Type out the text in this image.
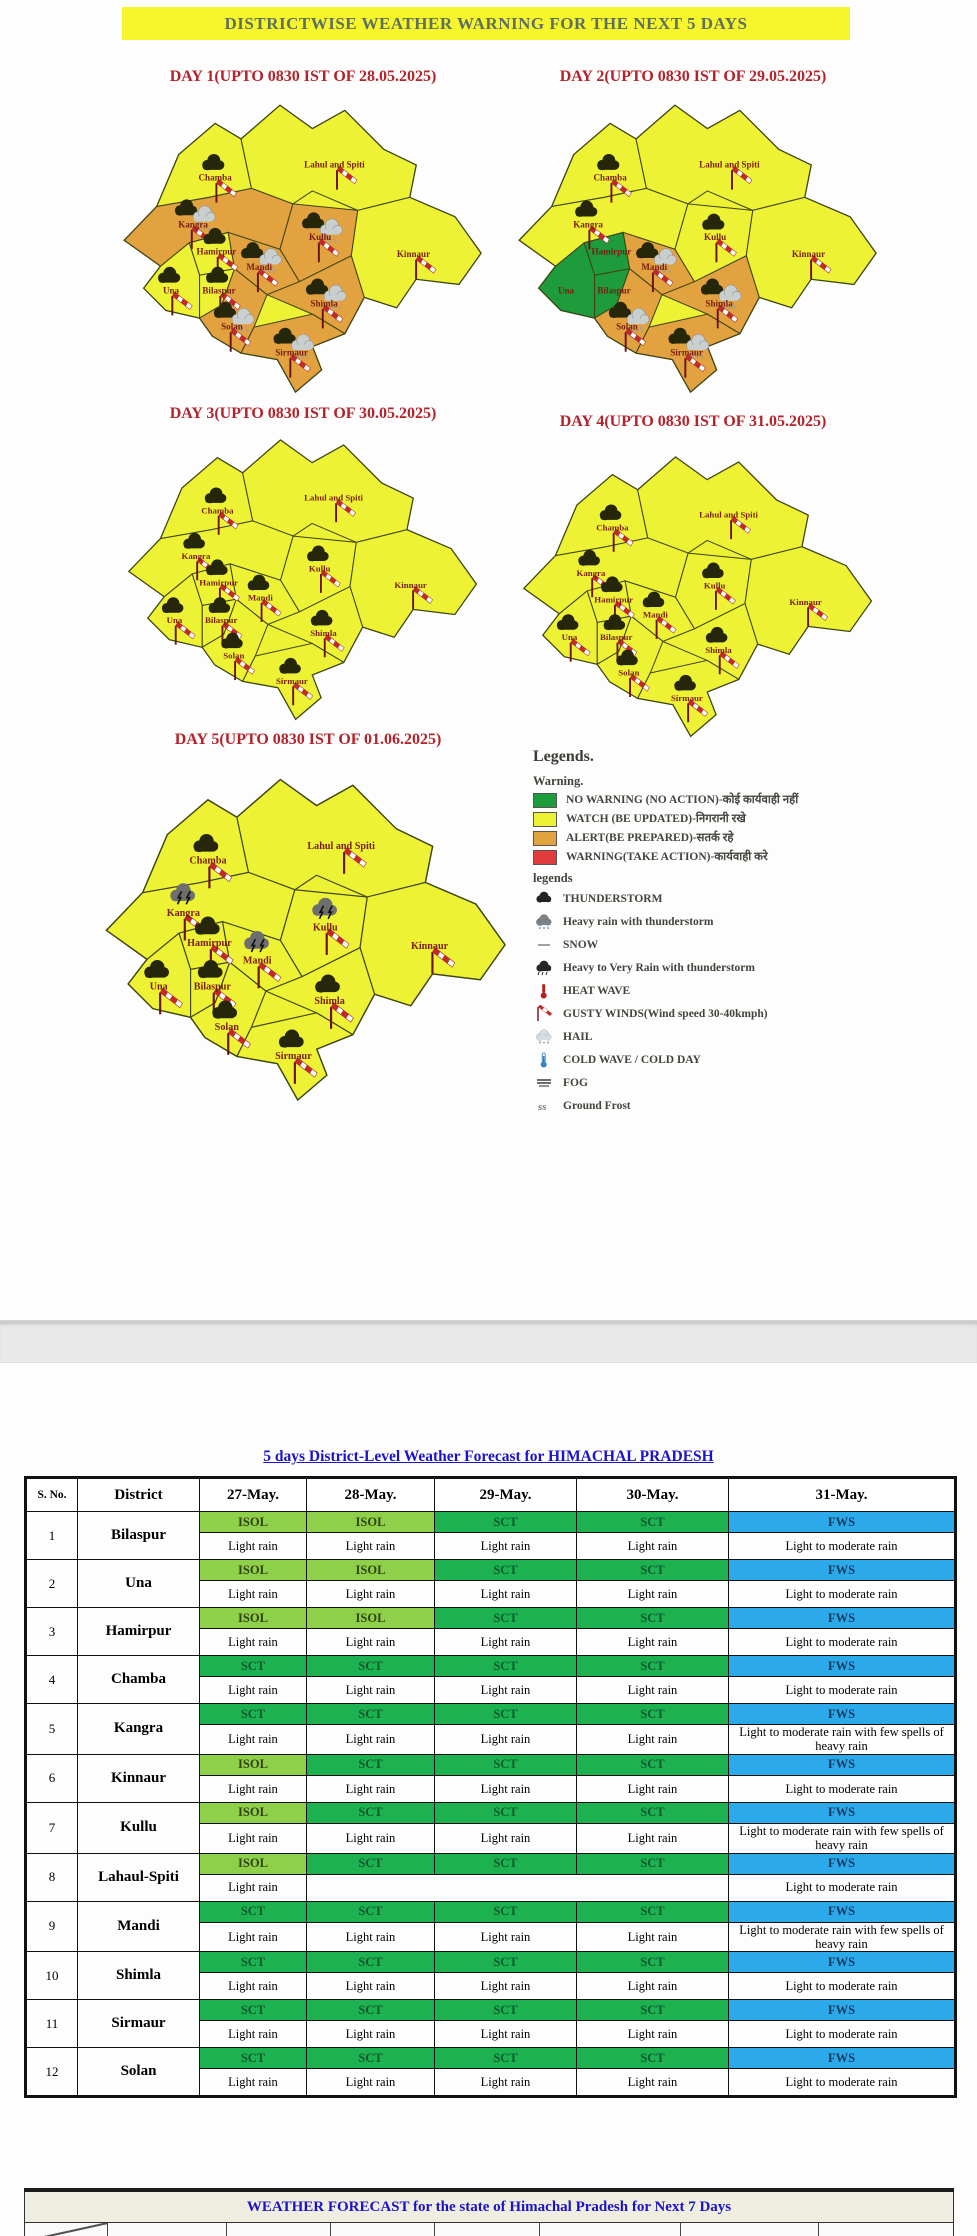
DISTRICTWISE WEATHER WARNING FOR THE NEXT 5 DAYS
DAY 1(UPTO 0830 IST OF 28.05.2025)	DAY 2(UPTO 0830 IST OF 29.05.2025)
DAY 3(UPTO 0830 IST OF 30.05.2025)	DAY 4(UPTO 0830 IST OF 31.05.2025)
DAY 5(UPTO 0830 IST OF 01.06.2025)
Chamba
Lahul and Spiti
Kangra
Kullu
Kinnaur
Mandi
Hamirpur
Una	Bilaspur
Shimla
Solan
Sirmaur
Chamba
Lahul and Spiti
Kangra
Kullu
Kinnaur
Mandi
Hamirpur
Una	Bilaspur
Shimla
Solan
Sirmaur
Chamba
Lahul and Spiti
Kangra
Kullu
Kinnaur
Mandi
Hamirpur
Una	Bilaspur
Shimla
Solan
Sirmaur
Chamba
Lahul and Spiti
Kangra
Kullu
Kinnaur
Mandi
Hamirpur
Una	Bilaspur
Shimla
Solan
Sirmaur
Chamba
Lahul and Spiti
Kangra
Kullu
Kinnaur
Mandi
Hamirpur
Una	Bilaspur
Shimla
Solan
Sirmaur
Legends.
Warning.
NO WARNING (NO ACTION)-कोई कार्यवाही नहीं
WATCH (BE UPDATED)-निगरानी रखे
ALERT(BE PREPARED)-सतर्क रहे
WARNING(TAKE ACTION)-कार्यवाही करे
legends
THUNDERSTORM
Heavy rain with thunderstorm
SNOW
Heavy to Very Rain with thunderstorm
HEAT WAVE
GUSTY WINDS(Wind speed 30-40kmph)
HAIL
COLD WAVE / COLD DAY
FOG
ss Ground Frost
5 days District-Level Weather Forecast for HIMACHAL PRADESH
S. No.	District	27-May.	28-May.	29-May.	30-May.	31-May.
1	Bilaspur	ISOL	ISOL	SCT	SCT	FWS
		Light rain	Light rain	Light rain	Light rain	Light to moderate rain
2	Una	ISOL	ISOL	SCT	SCT	FWS
		Light rain	Light rain	Light rain	Light rain	Light to moderate rain
3	Hamirpur	ISOL	ISOL	SCT	SCT	FWS
		Light rain	Light rain	Light rain	Light rain	Light to moderate rain
4	Chamba	SCT	SCT	SCT	SCT	FWS
		Light rain	Light rain	Light rain	Light rain	Light to moderate rain
5	Kangra	SCT	SCT	SCT	SCT	FWS
		Light rain	Light rain	Light rain	Light rain	Light to moderate rain with few spells of heavy rain
6	Kinnaur	ISOL	SCT	SCT	SCT	FWS
		Light rain	Light rain	Light rain	Light rain	Light to moderate rain
7	Kullu	ISOL	SCT	SCT	SCT	FWS
		Light rain	Light rain	Light rain	Light rain	Light to moderate rain with few spells of heavy rain
8	Lahaul-Spiti	ISOL	SCT	SCT	SCT	FWS
		Light rain				Light to moderate rain
9	Mandi	SCT	SCT	SCT	SCT	FWS
		Light rain	Light rain	Light rain	Light rain	Light to moderate rain with few spells of heavy rain
10	Shimla	SCT	SCT	SCT	SCT	FWS
		Light rain	Light rain	Light rain	Light rain	Light to moderate rain
11	Sirmaur	SCT	SCT	SCT	SCT	FWS
		Light rain	Light rain	Light rain	Light rain	Light to moderate rain
12	Solan	SCT	SCT	SCT	SCT	FWS
		Light rain	Light rain	Light rain	Light rain	Light to moderate rain
WEATHER FORECAST for the state of Himachal Pradesh for Next 7 Days
